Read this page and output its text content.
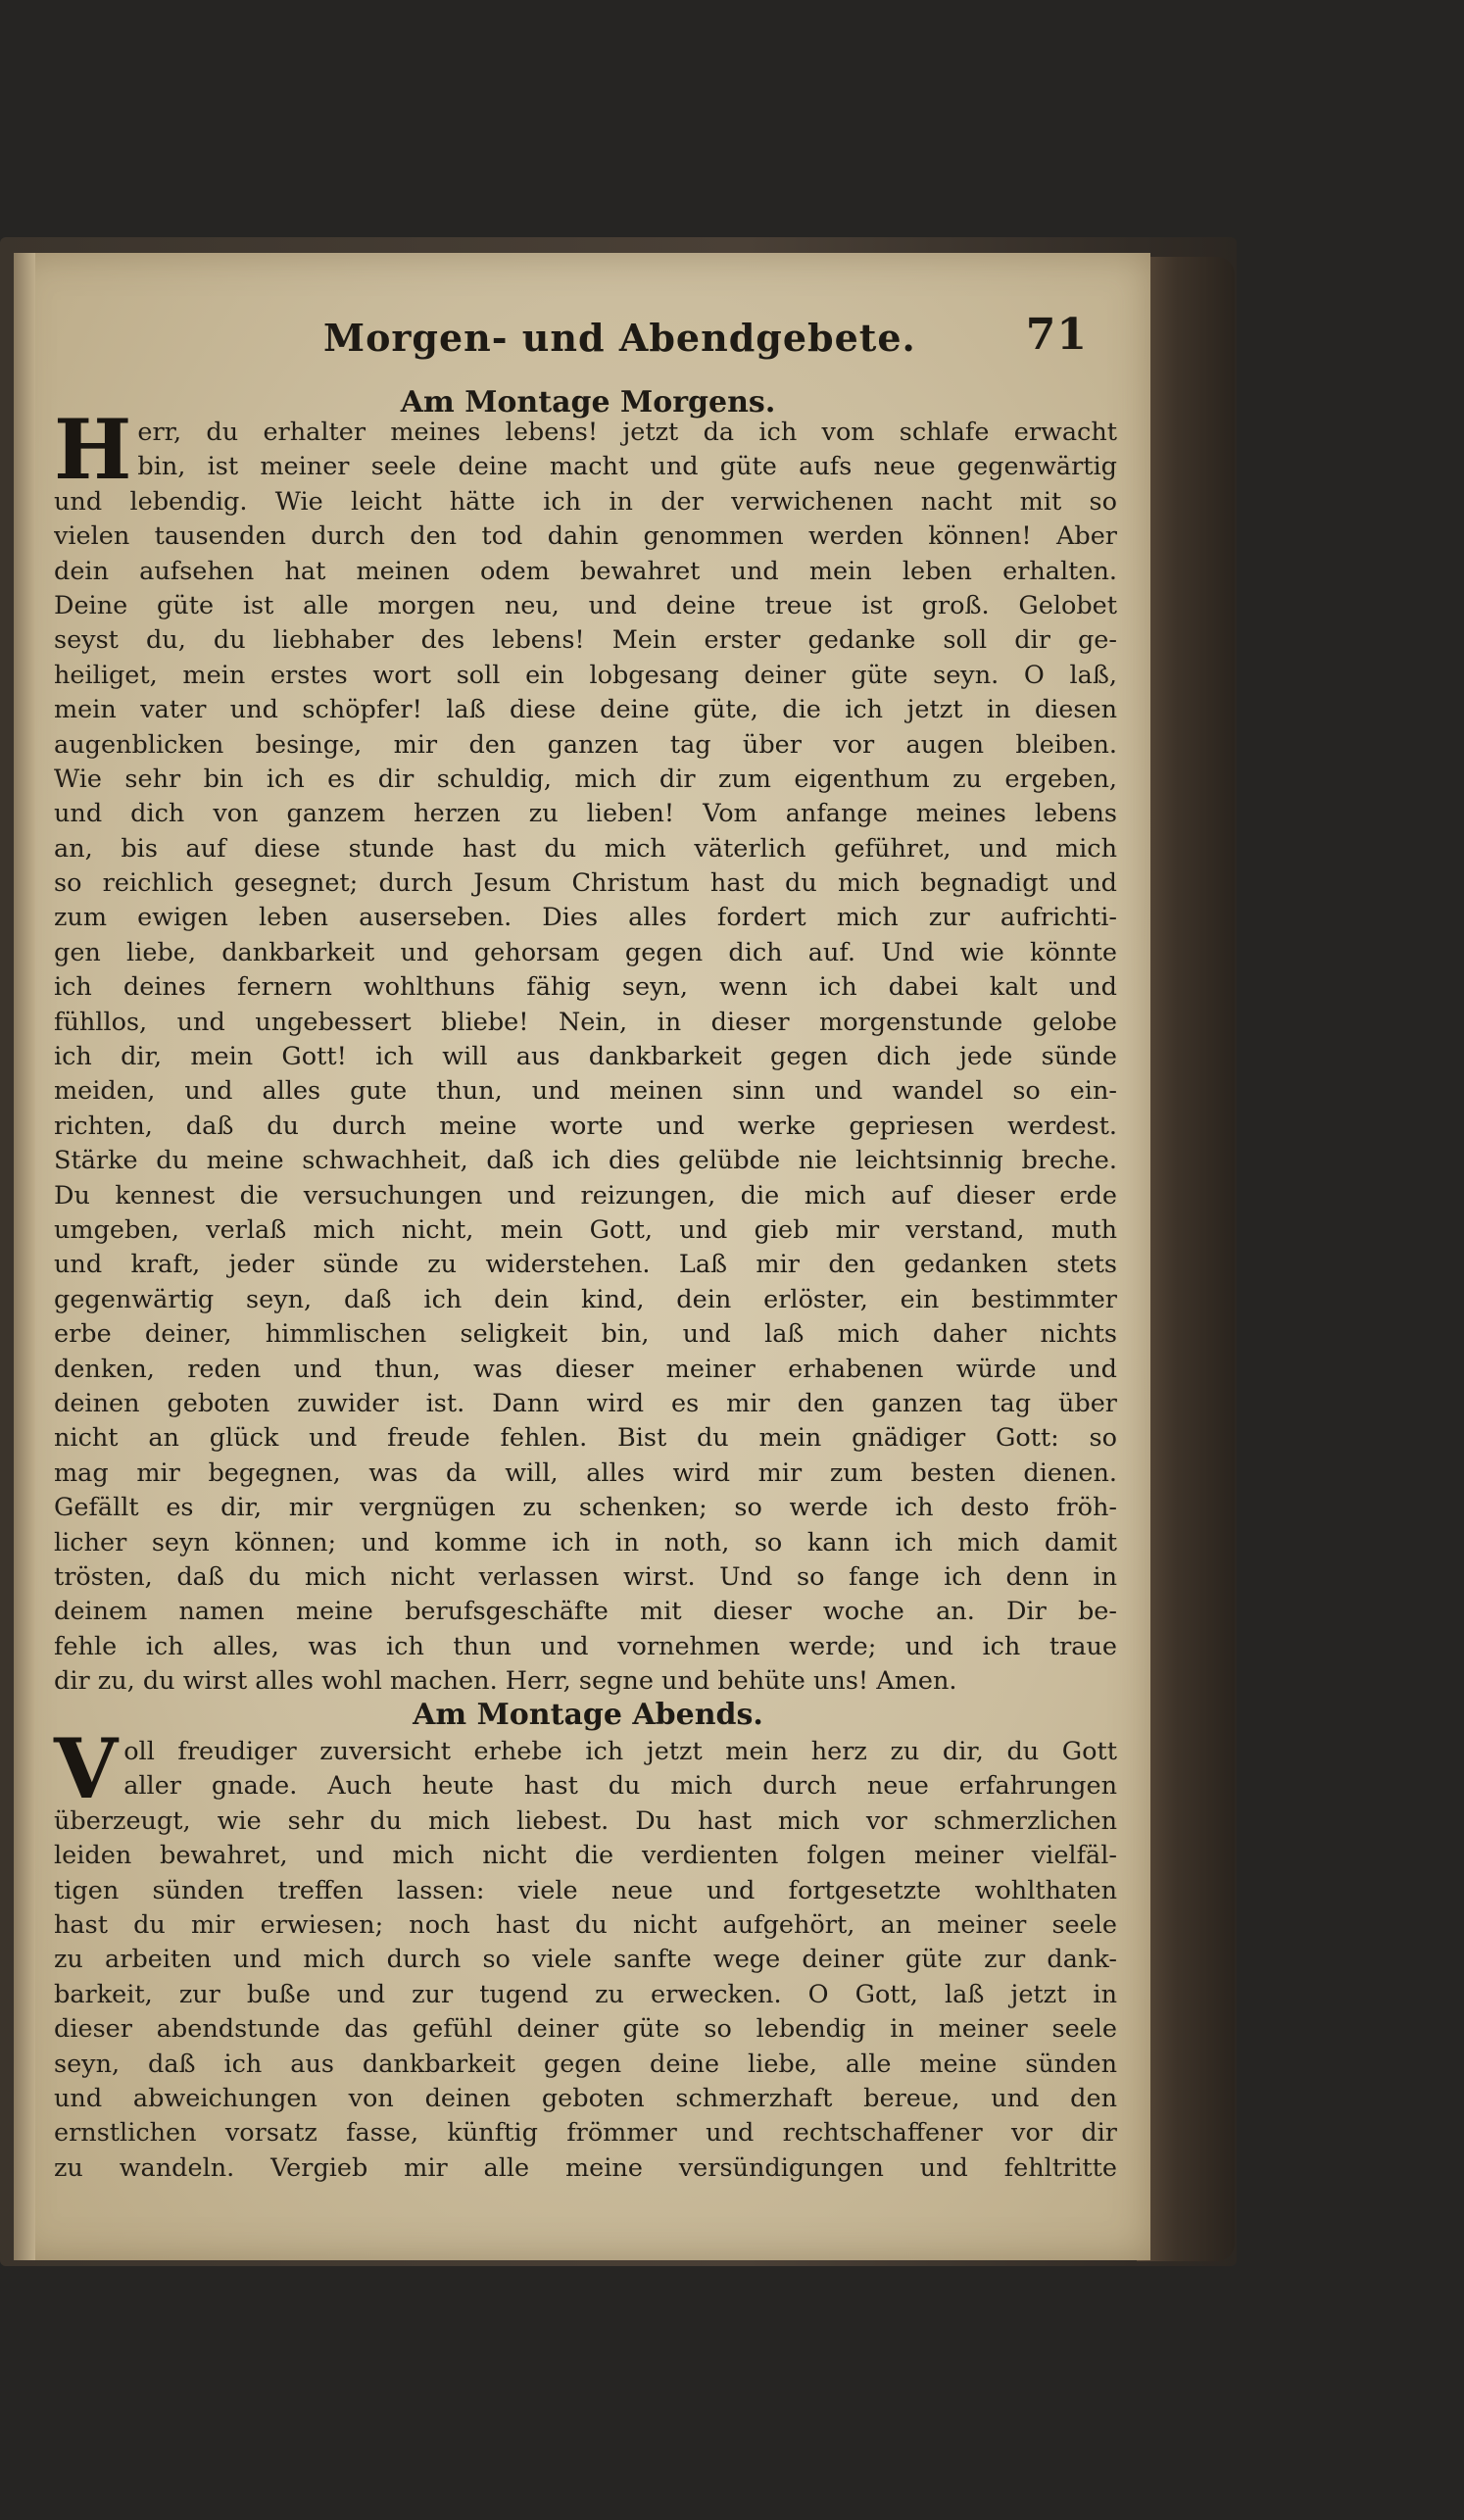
Morgen- und Abendgebete.	71
Am Montage Morgens.
H err, du erhalter meines lebens! jetzt da ich vom schlafe erwacht
bin, ist meiner seele deine macht und güte aufs neue gegenwärtig
und lebendig. Wie leicht hätte ich in der verwichenen nacht mit so
vielen tausenden durch den tod dahin genommen werden können! Aber
dein aufsehen hat meinen odem bewahret und mein leben erhalten.
Deine güte ist alle morgen neu, und deine treue ist groß. Gelobet
seyst du, du liebhaber des lebens! Mein erster gedanke soll dir ge-
heiliget, mein erstes wort soll ein lobgesang deiner güte seyn. O laß,
mein vater und schöpfer! laß diese deine güte, die ich jetzt in diesen
augenblicken besinge, mir den ganzen tag über vor augen bleiben.
Wie sehr bin ich es dir schuldig, mich dir zum eigenthum zu ergeben,
und dich von ganzem herzen zu lieben! Vom anfange meines lebens
an, bis auf diese stunde hast du mich väterlich geführet, und mich
so reichlich gesegnet; durch Jesum Christum hast du mich begnadigt und
zum ewigen leben auserseben. Dies alles fordert mich zur aufrichti-
gen liebe, dankbarkeit und gehorsam gegen dich auf. Und wie könnte
ich deines fernern wohlthuns fähig seyn, wenn ich dabei kalt und
fühllos, und ungebessert bliebe! Nein, in dieser morgenstunde gelobe
ich dir, mein Gott! ich will aus dankbarkeit gegen dich jede sünde
meiden, und alles gute thun, und meinen sinn und wandel so ein-
richten, daß du durch meine worte und werke gepriesen werdest.
Stärke du meine schwachheit, daß ich dies gelübde nie leichtsinnig breche.
Du kennest die versuchungen und reizungen, die mich auf dieser erde
umgeben, verlaß mich nicht, mein Gott, und gieb mir verstand, muth
und kraft, jeder sünde zu widerstehen. Laß mir den gedanken stets
gegenwärtig seyn, daß ich dein kind, dein erlöster, ein bestimmter
erbe deiner, himmlischen seligkeit bin, und laß mich daher nichts
denken, reden und thun, was dieser meiner erhabenen würde und
deinen geboten zuwider ist. Dann wird es mir den ganzen tag über
nicht an glück und freude fehlen. Bist du mein gnädiger Gott: so
mag mir begegnen, was da will, alles wird mir zum besten dienen.
Gefällt es dir, mir vergnügen zu schenken; so werde ich desto fröh-
licher seyn können; und komme ich in noth, so kann ich mich damit
trösten, daß du mich nicht verlassen wirst. Und so fange ich denn in
deinem namen meine berufsgeschäfte mit dieser woche an. Dir be-
fehle ich alles, was ich thun und vornehmen werde; und ich traue
dir zu, du wirst alles wohl machen. Herr, segne und behüte uns! Amen.
Am Montage Abends.
V oll freudiger zuversicht erhebe ich jetzt mein herz zu dir, du Gott
aller gnade. Auch heute hast du mich durch neue erfahrungen
überzeugt, wie sehr du mich liebest. Du hast mich vor schmerzlichen
leiden bewahret, und mich nicht die verdienten folgen meiner vielfäl-
tigen sünden treffen lassen: viele neue und fortgesetzte wohlthaten
hast du mir erwiesen; noch hast du nicht aufgehört, an meiner seele
zu arbeiten und mich durch so viele sanfte wege deiner güte zur dank-
barkeit, zur buße und zur tugend zu erwecken. O Gott, laß jetzt in
dieser abendstunde das gefühl deiner güte so lebendig in meiner seele
seyn, daß ich aus dankbarkeit gegen deine liebe, alle meine sünden
und abweichungen von deinen geboten schmerzhaft bereue, und den
ernstlichen vorsatz fasse, künftig frömmer und rechtschaffener vor dir
zu wandeln. Vergieb mir alle meine versündigungen und fehltritte
